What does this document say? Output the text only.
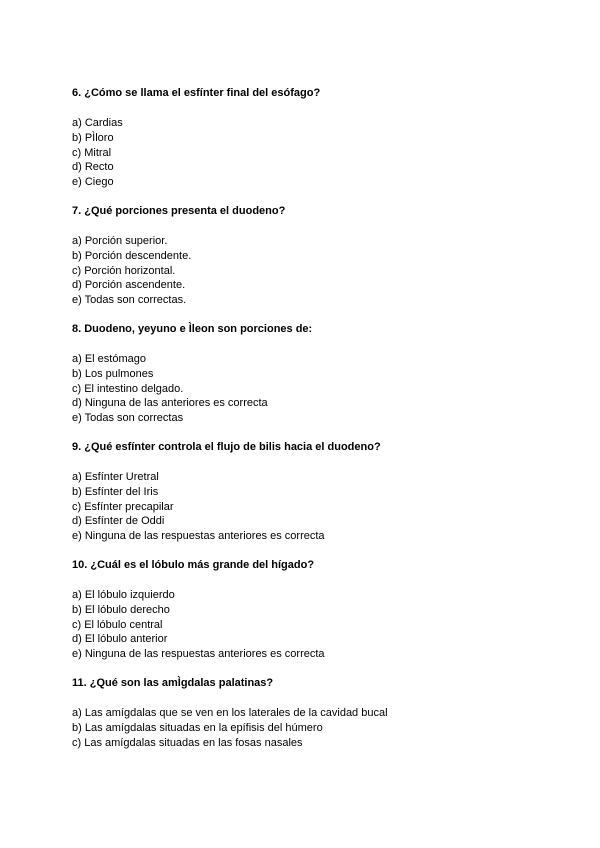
6. ¿Cómo se llama el esfínter final del esófago?
a) Cardias
b) PÌloro
c) Mitral
d) Recto
e) Ciego
7. ¿Qué porciones presenta el duodeno?
a) Porción superior.
b) Porción descendente.
c) Porción horizontal.
d) Porción ascendente.
e) Todas son correctas.
8. Duodeno, yeyuno e Ìleon son porciones de:
a) El estómago
b) Los pulmones
c) El intestino delgado.
d) Ninguna de las anteriores es correcta
e) Todas son correctas
9. ¿Qué esfínter controla el flujo de bilis hacia el duodeno?
a) Esfínter Uretral
b) Esfínter del Iris
c) Esfínter precapilar
d) Esfínter de Oddi
e) Ninguna de las respuestas anteriores es correcta
10. ¿Cuál es el lóbulo más grande del hígado?
a) El lóbulo izquierdo
b) El lóbulo derecho
c) El lóbulo central
d) El lóbulo anterior
e) Ninguna de las respuestas anteriores es correcta
11. ¿Qué son las amÌgdalas palatinas?
a) Las amígdalas que se ven en los laterales de la cavidad bucal
b) Las amígdalas situadas en la epífisis del húmero
c) Las amígdalas situadas en las fosas nasales
